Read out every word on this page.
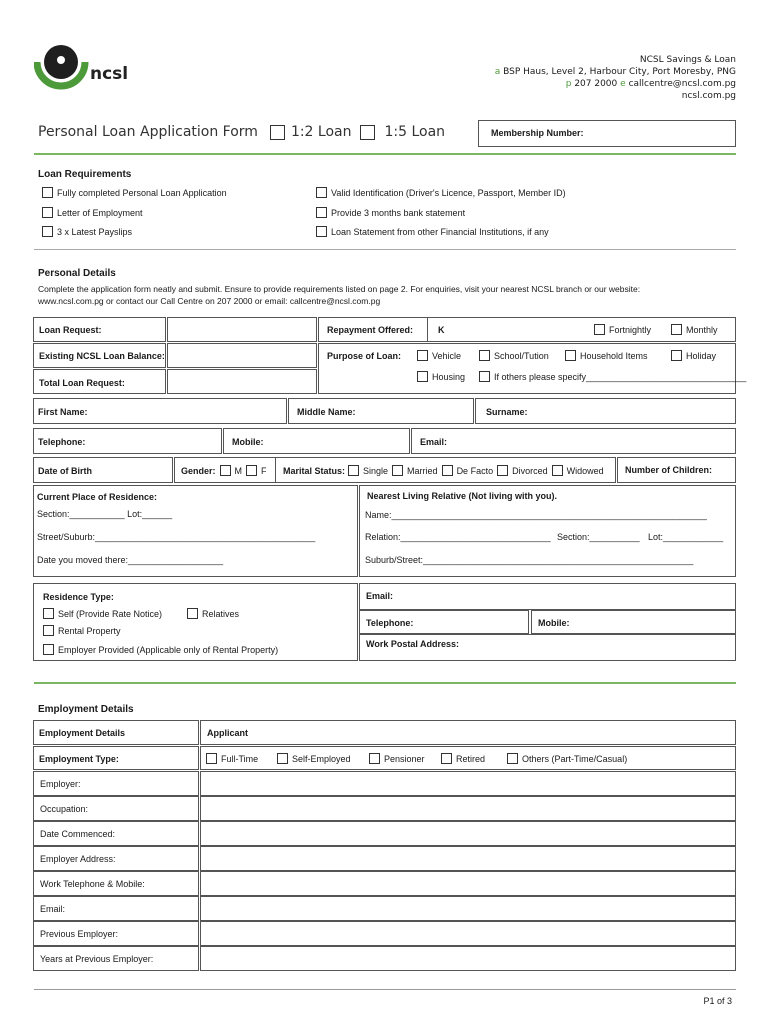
ncsl
NCSL Savings & Loan
a BSP Haus, Level 2, Harbour City, Port Moresby, PNG
p 207 2000 e callcentre@ncsl.com.pg
ncsl.com.pg
Personal Loan Application Form 1:2 Loan 1:5 Loan	Membership Number:
Loan Requirements
Fully completed Personal Loan Application	Valid Identification (Driver's Licence, Passport, Member ID)
Letter of Employment	Provide 3 months bank statement
3 x Latest Payslips	Loan Statement from other Financial Institutions, if any
Personal Details
Complete the application form neatly and submit. Ensure to provide requirements listed on page 2. For enquiries, visit your nearest NCSL branch or our website:
www.ncsl.com.pg or contact our Call Centre on 207 2000 or email: callcentre@ncsl.com.pg
Loan Request:	Repayment Offered:	K	Fortnightly	Monthly
Existing NCSL Loan Balance:	Purpose of Loan:	Vehicle	School/Tution	Household Items	Holiday
Housing	If others please specify________________________________
Total Loan Request:
First Name:	Middle Name:	Surname:
Telephone:	Mobile:	Email:
Date of Birth	Gender: M F Marital Status: Single Married De Facto Divorced Widowed Number of Children:
Current Place of Residence:
Section:___________ Lot:______
Street/Suburb:____________________________________________
Date you moved there:___________________
Nearest Living Relative (Not living with you).
Name:_______________________________________________________________
Relation:______________________________ Section:__________ Lot:____________
Suburb/Street:______________________________________________________
Residence Type:
Self (Provide Rate Notice)	Relatives
Rental Property
Employer Provided (Applicable only of Rental Property)
Email:
Telephone:	Mobile:
Work Postal Address:
Employment Details
Employment Details	Applicant
Employment Type:	Full-Time	Self-Employed	Pensioner	Retired	Others (Part-Time/Casual)
Employer:
Occupation:
Date Commenced:
Employer Address:
Work Telephone & Mobile:
Email:
Previous Employer:
Years at Previous Employer:
P1 of 3
